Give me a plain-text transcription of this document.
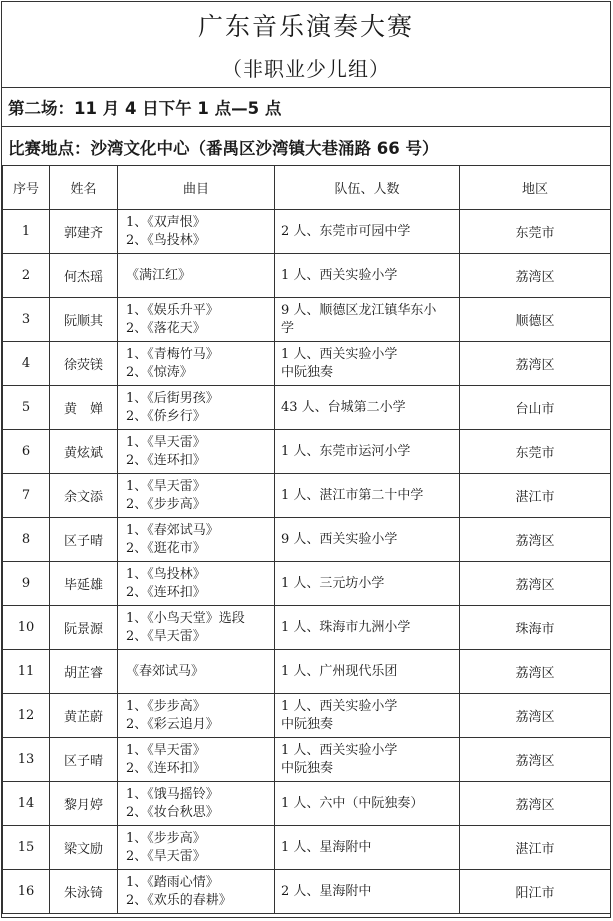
广东音乐演奏大赛
（非职业少儿组）
第二场：11 月 4 日下午 1 点—5 点
比赛地点：沙湾文化中心（番禺区沙湾镇大巷涌路 66 号）
序号	姓名	曲目	队伍、人数	地区
1	郭建齐	1、《双声恨》
2、《鸟投林》	2 人、东莞市可园中学	东莞市
2	何杰瑶	《满江红》	1 人、西关实验小学	荔湾区
3	阮顺其	1、《娱乐升平》
2、《落花天》	9 人、顺德区龙江镇华东小
学	顺德区
4	徐荧镁	1、《青梅竹马》
2、《惊涛》	1 人、西关实验小学
中阮独奏	荔湾区
5	黄　婵	1、《后街男孩》
2、《侨乡行》	43 人、台城第二小学	台山市
6	黄炫斌	1、《旱天雷》
2、《连环扣》	1 人、东莞市运河小学	东莞市
7	余文添	1、《旱天雷》
2、《步步高》	1 人、湛江市第二十中学	湛江市
8	区子晴	1、《春郊试马》
2、《逛花市》	9 人、西关实验小学	荔湾区
9	毕延雄	1、《鸟投林》
2、《连环扣》	1 人、三元坊小学	荔湾区
10	阮景源	1、《小鸟天堂》选段
2、《旱天雷》	1 人、珠海市九洲小学	珠海市
11	胡芷睿	《春郊试马》	1 人、广州现代乐团	荔湾区
12	黄芷蔚	1、《步步高》
2、《彩云追月》	1 人、西关实验小学
中阮独奏	荔湾区
13	区子晴	1、《旱天雷》
2、《连环扣》	1 人、西关实验小学
中阮独奏	荔湾区
14	黎月婷	1、《饿马摇铃》
2、《妆台秋思》	1 人、六中（中阮独奏）	荔湾区
15	梁文励	1、《步步高》
2、《旱天雷》	1 人、星海附中	湛江市
16	朱泳锜	1、《踏雨心情》
2、《欢乐的春耕》	2 人、星海附中	阳江市
